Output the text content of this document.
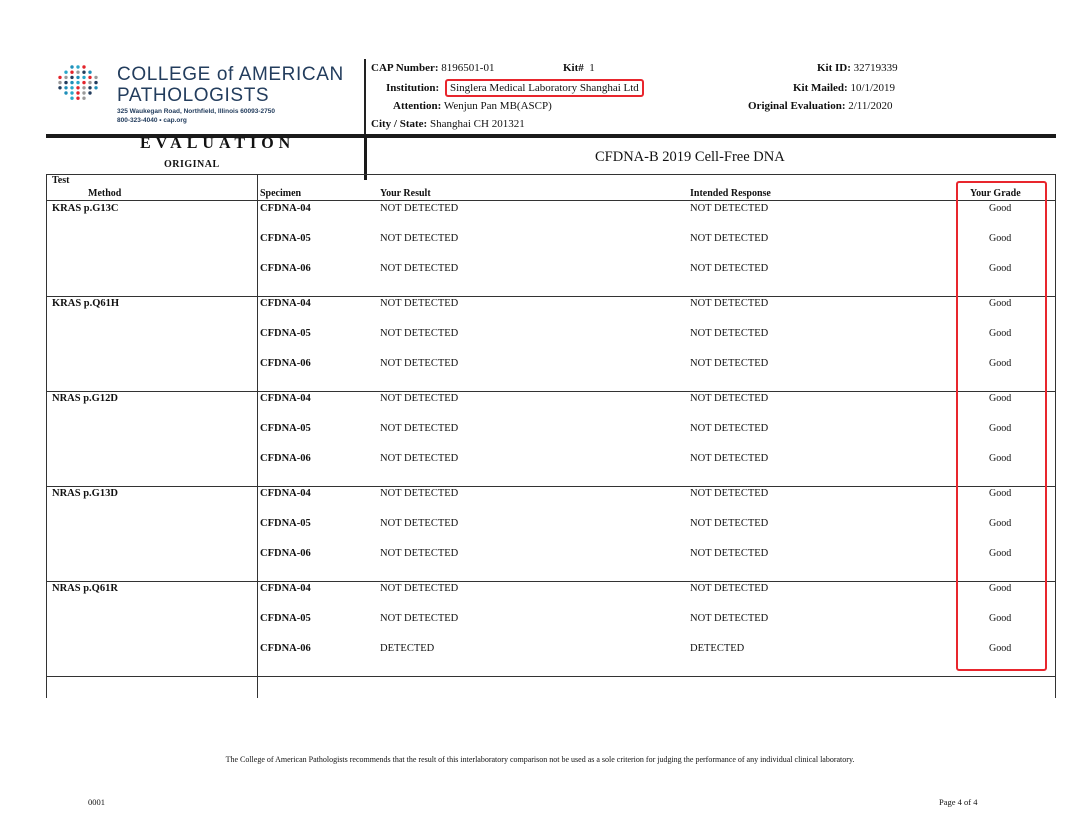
COLLEGE of AMERICAN
PATHOLOGISTS
325 Waukegan Road, Northfield, Illinois 60093-2750
800-323-4040 • cap.org
CAP Number: 8196501-01	Kit# 1
Institution: Singlera Medical Laboratory Shanghai Ltd
Attention: Wenjun Pan MB(ASCP)
City / State: Shanghai CH 201321
Kit ID: 32719339
Kit Mailed: 10/1/2019
Original Evaluation: 2/11/2020
EVALUATION
ORIGINAL	CFDNA-B 2019 Cell-Free DNA
Test
Method	Specimen	Your Result	Intended Response	Your Grade
KRAS p.G13C	CFDNA-04	NOT DETECTED	NOT DETECTED	Good
CFDNA-05	NOT DETECTED	NOT DETECTED	Good
CFDNA-06	NOT DETECTED	NOT DETECTED	Good
KRAS p.Q61H	CFDNA-04	NOT DETECTED	NOT DETECTED	Good
CFDNA-05	NOT DETECTED	NOT DETECTED	Good
CFDNA-06	NOT DETECTED	NOT DETECTED	Good
NRAS p.G12D	CFDNA-04	NOT DETECTED	NOT DETECTED	Good
CFDNA-05	NOT DETECTED	NOT DETECTED	Good
CFDNA-06	NOT DETECTED	NOT DETECTED	Good
NRAS p.G13D	CFDNA-04	NOT DETECTED	NOT DETECTED	Good
CFDNA-05	NOT DETECTED	NOT DETECTED	Good
CFDNA-06	NOT DETECTED	NOT DETECTED	Good
NRAS p.Q61R	CFDNA-04	NOT DETECTED	NOT DETECTED	Good
CFDNA-05	NOT DETECTED	NOT DETECTED	Good
CFDNA-06	DETECTED	DETECTED	Good
The College of American Pathologists recommends that the result of this interlaboratory comparison not be used as a sole criterion for judging the performance of any individual clinical laboratory.
0001	Page 4 of 4
